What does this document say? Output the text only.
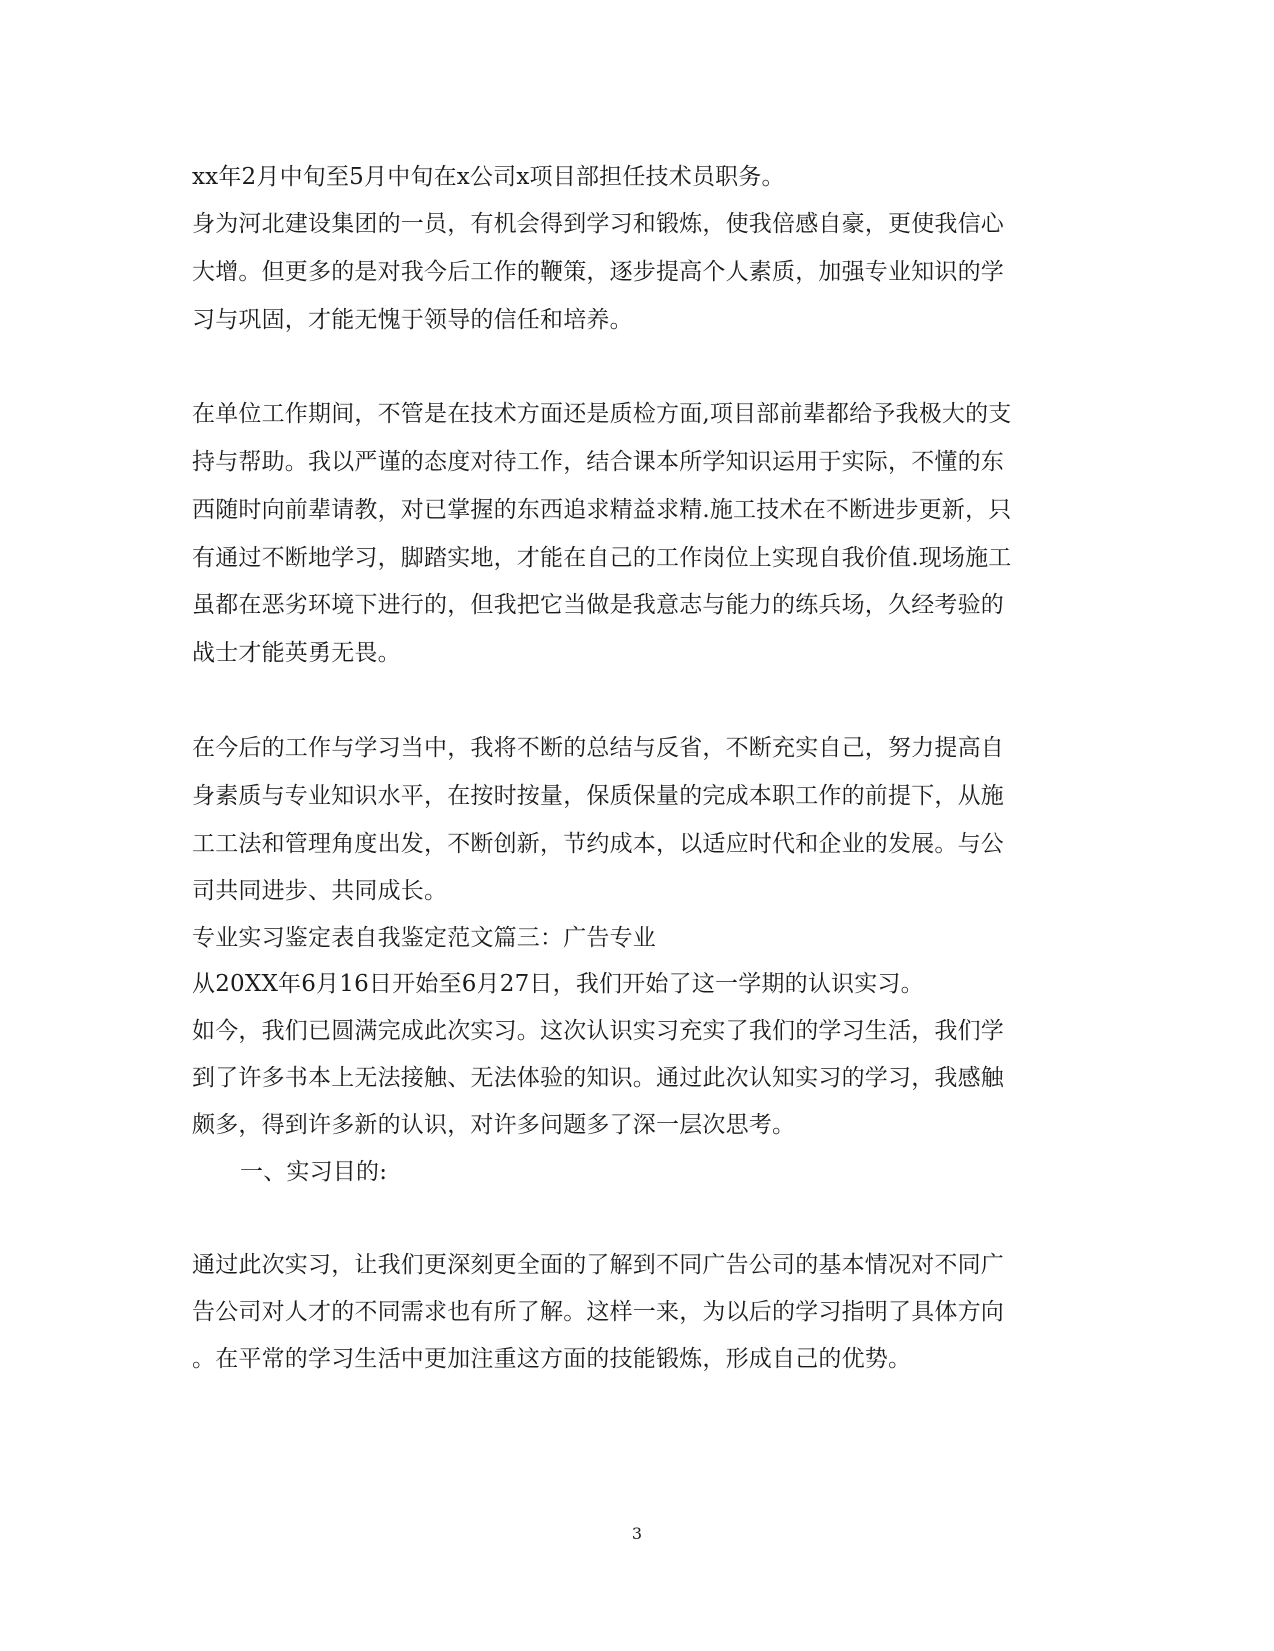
xx年2月中旬至5月中旬在x公司x项目部担任技术员职务。
身为河北建设集团的一员，有机会得到学习和锻炼，使我倍感自豪，更使我信心
大增。但更多的是对我今后工作的鞭策，逐步提高个人素质，加强专业知识的学
习与巩固，才能无愧于领导的信任和培养。
在单位工作期间，不管是在技术方面还是质检方面,项目部前辈都给予我极大的支
持与帮助。我以严谨的态度对待工作，结合课本所学知识运用于实际，不懂的东
西随时向前辈请教，对已掌握的东西追求精益求精.施工技术在不断进步更新，只
有通过不断地学习，脚踏实地，才能在自己的工作岗位上实现自我价值.现场施工
虽都在恶劣环境下进行的，但我把它当做是我意志与能力的练兵场，久经考验的
战士才能英勇无畏。
在今后的工作与学习当中，我将不断的总结与反省，不断充实自己，努力提高自
身素质与专业知识水平，在按时按量，保质保量的完成本职工作的前提下，从施
工工法和管理角度出发，不断创新，节约成本，以适应时代和企业的发展。与公
司共同进步、共同成长。
专业实习鉴定表自我鉴定范文篇三：广告专业
从20XX年6月16日开始至6月27日，我们开始了这一学期的认识实习。
如今，我们已圆满完成此次实习。这次认识实习充实了我们的学习生活，我们学
到了许多书本上无法接触、无法体验的知识。通过此次认知实习的学习，我感触
颇多，得到许多新的认识，对许多问题多了深一层次思考。
一、实习目的:
通过此次实习，让我们更深刻更全面的了解到不同广告公司的基本情况对不同广
告公司对人才的不同需求也有所了解。这样一来，为以后的学习指明了具体方向
。在平常的学习生活中更加注重这方面的技能锻炼，形成自己的优势。
3
